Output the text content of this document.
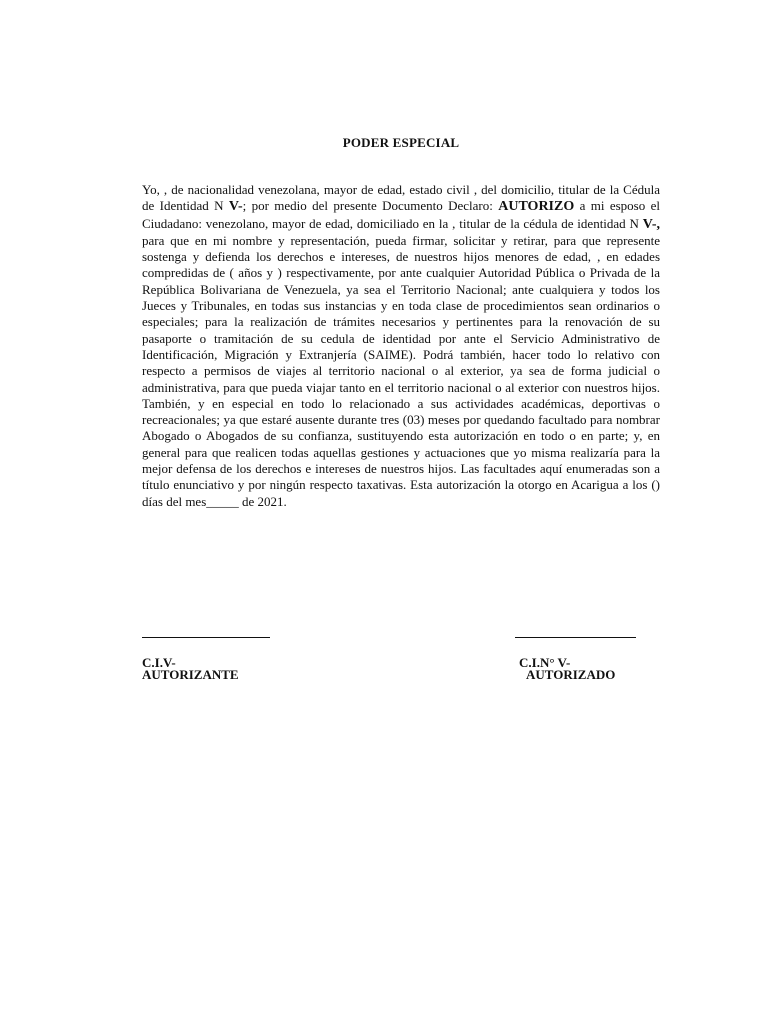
PODER ESPECIAL
Yo, , de nacionalidad venezolana, mayor de edad, estado civil , del domicilio, titular de la Cédula de Identidad N V-; por medio del presente Documento Declaro: AUTORIZO a mi esposo el Ciudadano: venezolano, mayor de edad, domiciliado en la , titular de la cédula de identidad N V-, para que en mi nombre y representación, pueda firmar, solicitar y retirar, para que represente sostenga y defienda los derechos e intereses, de nuestros hijos menores de edad, , en edades compredidas de ( años y ) respectivamente, por ante cualquier Autoridad Pública o Privada de la República Bolivariana de Venezuela, ya sea el Territorio Nacional; ante cualquiera y todos los Jueces y Tribunales, en todas sus instancias y en toda clase de procedimientos sean ordinarios o especiales; para la realización de trámites necesarios y pertinentes para la renovación de su pasaporte o tramitación de su cedula de identidad por ante el Servicio Administrativo de Identificación, Migración y Extranjería (SAIME). Podrá también, hacer todo lo relativo con respecto a permisos de viajes al territorio nacional o al exterior, ya sea de forma judicial o administrativa, para que pueda viajar tanto en el territorio nacional o al exterior con nuestros hijos. También, y en especial en todo lo relacionado a sus actividades académicas, deportivas o recreacionales; ya que estaré ausente durante tres (03) meses por quedando facultado para nombrar Abogado o Abogados de su confianza, sustituyendo esta autorización en todo o en parte; y, en general para que realicen todas aquellas gestiones y actuaciones que yo misma realizaría para la mejor defensa de los derechos e intereses de nuestros hijos. Las facultades aquí enumeradas son a título enunciativo y por ningún respecto taxativas. Esta autorización la otorgo en Acarigua a los () días del mes_____ de 2021.
C.I.V-
AUTORIZANTE
C.I.N° V-
AUTORIZADO
